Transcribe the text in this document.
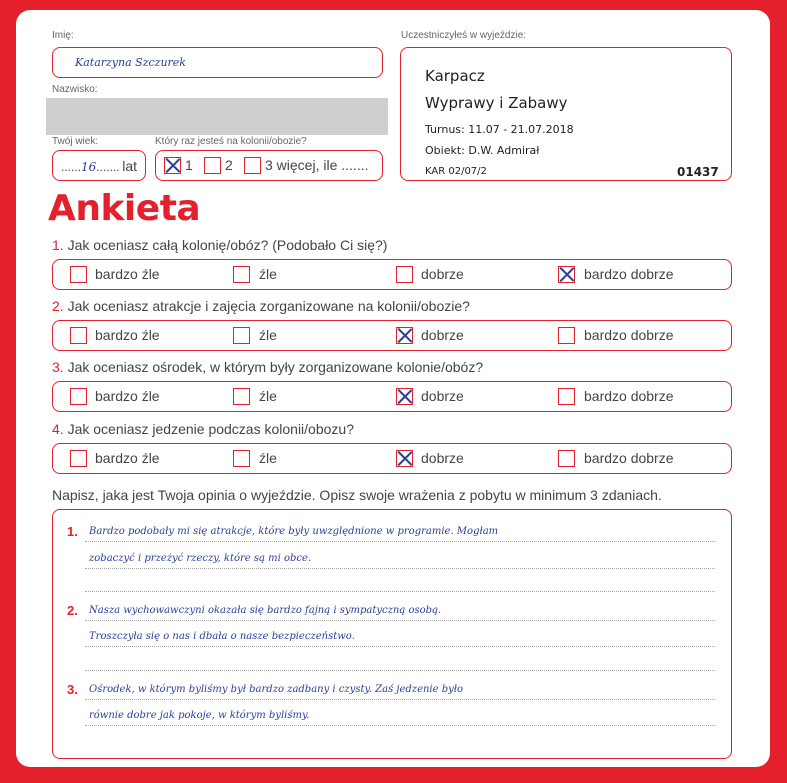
Imię:
Katarzyna Szczurek
Nazwisko:
Twój wiek:
......16....... lat
Który raz jesteś na kolonii/obozie?
1 2 3 więcej, ile .......
Uczestniczyłeś w wyjeździe:
Karpacz
Wyprawy i Zabawy
Turnus: 11.07 - 21.07.2018
Obiekt: D.W. Admirał
KAR 02/07/2	01437
Ankieta
1. Jak oceniasz całą kolonię/obóz? (Podobało Ci się?)
bardzo źle	źle	dobrze	bardzo dobrze
2. Jak oceniasz atrakcje i zajęcia zorganizowane na kolonii/obozie?
bardzo źle	źle	dobrze	bardzo dobrze
3. Jak oceniasz ośrodek, w którym były zorganizowane kolonie/obóz?
bardzo źle	źle	dobrze	bardzo dobrze
4. Jak oceniasz jedzenie podczas kolonii/obozu?
bardzo źle	źle	dobrze	bardzo dobrze
Napisz, jaka jest Twoja opinia o wyjeździe. Opisz swoje wrażenia z pobytu w minimum 3 zdaniach.
1. Bardzo podobały mi się atrakcje, które były uwzględnione w programie. Mogłam
zobaczyć i przeżyć rzeczy, które są mi obce.
2. Nasza wychowawczyni okazała się bardzo fajną i sympatyczną osobą.
Troszczyła się o nas i dbała o nasze bezpieczeństwo.
3. Ośrodek, w którym byliśmy był bardzo zadbany i czysty. Zaś jedzenie było
równie dobre jak pokoje, w którym byliśmy.
